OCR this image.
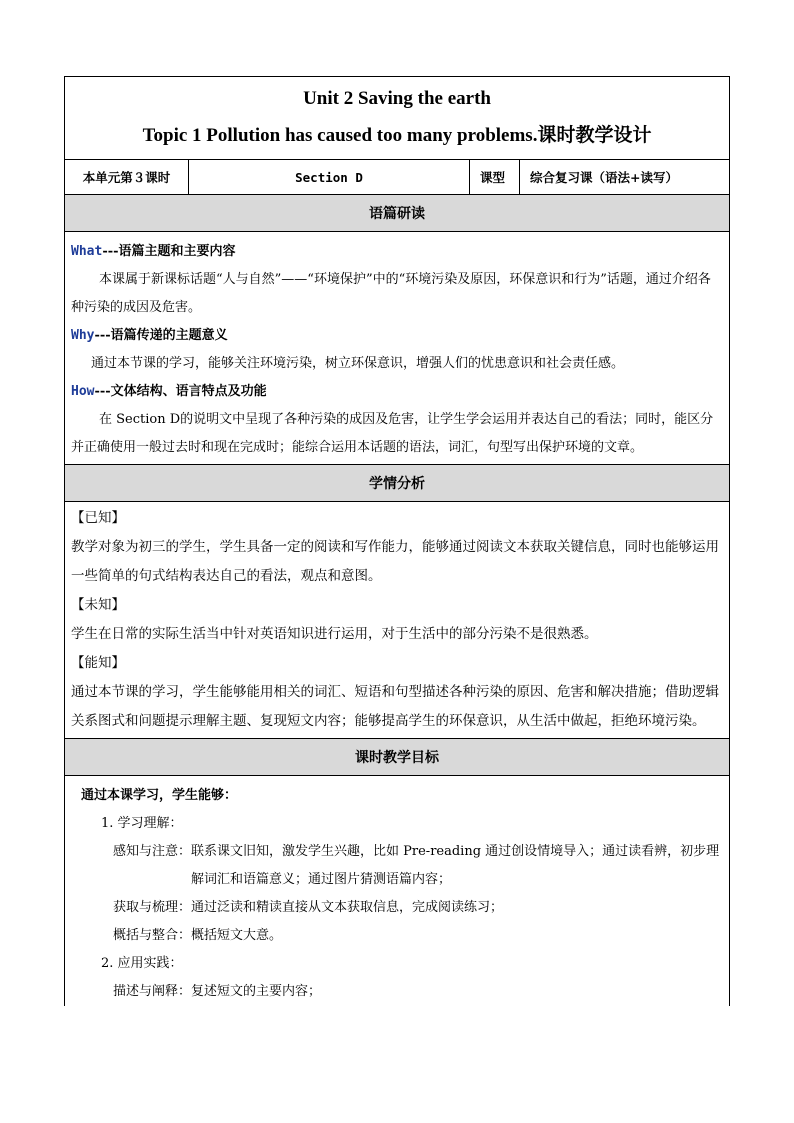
Unit 2 Saving the earth
Topic 1 Pollution has caused too many problems.课时教学设计

本单元第３课时	Section D	课型	综合复习课（语法+读写）
语篇研读

What---语篇主题和主要内容

本课属于新课标话题“人与自然”——“环境保护”中的“环境污染及原因，环保意识和行为”话题，通过介绍各种污染的成因及危害。

Why---语篇传递的主题意义

通过本节课的学习，能够关注环境污染，树立环保意识，增强人们的忧患意识和社会责任感。

How---文体结构、语言特点及功能

在 Section D的说明文中呈现了各种污染的成因及危害，让学生学会运用并表达自己的看法；同时，能区分并正确使用一般过去时和现在完成时；能综合运用本话题的语法，词汇，句型写出保护环境的文章。

学情分析

【已知】

教学对象为初三的学生，学生具备一定的阅读和写作能力，能够通过阅读文本获取关键信息，同时也能够运用一些简单的句式结构表达自己的看法，观点和意图。

【未知】

学生在日常的实际生活当中针对英语知识进行运用，对于生活中的部分污染不是很熟悉。

【能知】

通过本节课的学习，学生能够能用相关的词汇、短语和句型描述各种污染的原因、危害和解决措施；借助逻辑关系图式和问题提示理解主题、复现短文内容；能够提高学生的环保意识，从生活中做起，拒绝环境污染。

课时教学目标

通过本课学习，学生能够：

1. 学习理解：

感知与注意： 联系课文旧知，激发学生兴趣，比如 Pre-reading 通过创设情境导入；通过读看辨，初步理解词汇和语篇意义；通过图片猜测语篇内容；
获取与梳理： 通过泛读和精读直接从文本获取信息，完成阅读练习；
概括与整合： 概括短文大意。

2. 应用实践：

描述与阐释： 复述短文的主要内容；
